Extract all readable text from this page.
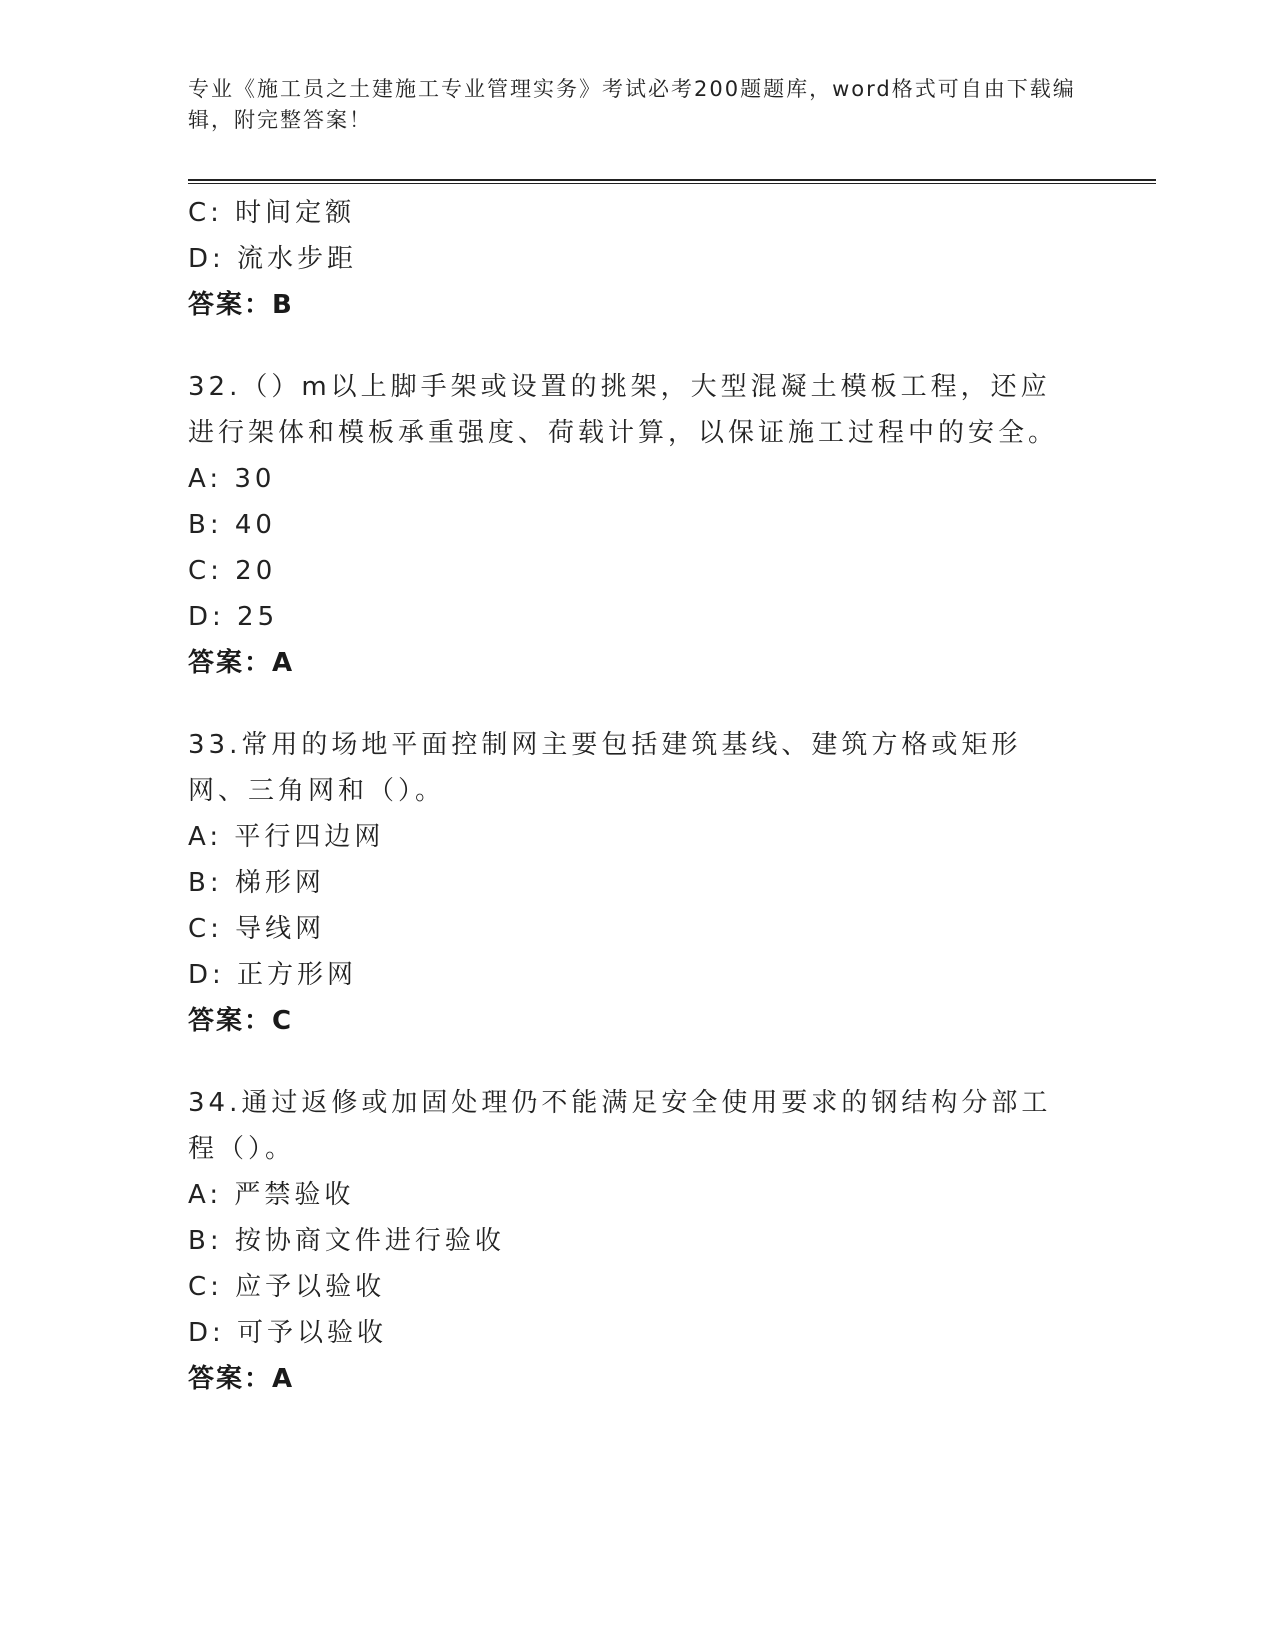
专业《施工员之土建施工专业管理实务》考试必考200题题库，word格式可自由下载编辑，附完整答案！
C: 时间定额
D: 流水步距
答案：B
32.（）m以上脚手架或设置的挑架，大型混凝土模板工程，还应进行架体和模板承重强度、荷载计算，以保证施工过程中的安全。
A: 30
B: 40
C: 20
D: 25
答案：A
33.常用的场地平面控制网主要包括建筑基线、建筑方格或矩形网、三角网和（）。
A: 平行四边网
B: 梯形网
C: 导线网
D: 正方形网
答案：C
34.通过返修或加固处理仍不能满足安全使用要求的钢结构分部工程（）。
A: 严禁验收
B: 按协商文件进行验收
C: 应予以验收
D: 可予以验收
答案：A
